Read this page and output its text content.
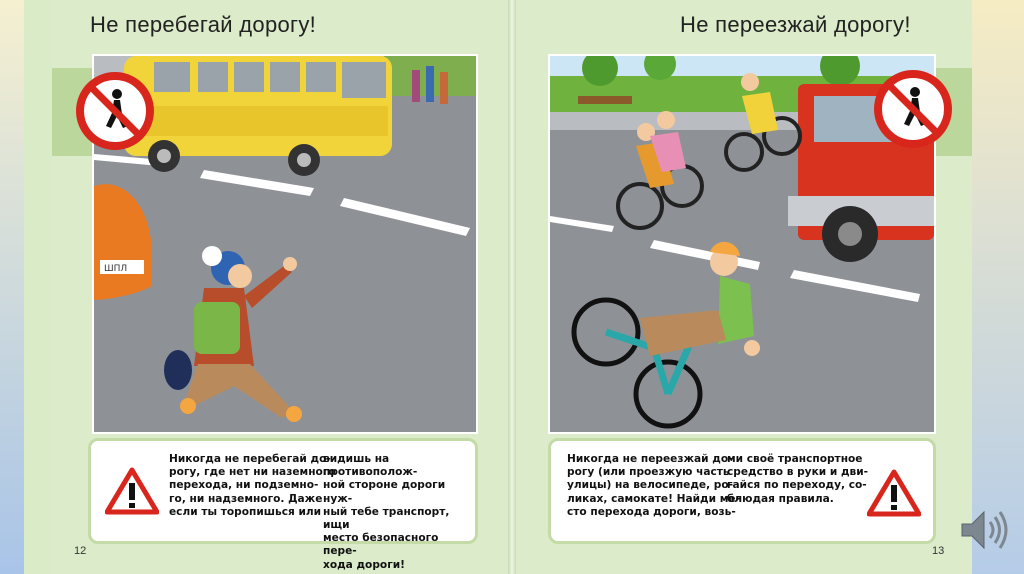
Не перебегай дорогу!
ШПЛ
Никогда не перебегай до-
рогу, где нет ни наземного
перехода, ни подземно-
го, ни надземного. Даже
если ты торопишься или
видишь на противополож-
ной стороне дороги нуж-
ный тебе транспорт, ищи
место безопасного пере-
хода дороги!
12
Не переезжай дорогу!
Никогда не переезжай до-
рогу (или проезжую часть
улицы) на велосипеде, ро-
ликах, самокате! Найди ме-
сто перехода дороги, возь-
ми своё транспортное
средство в руки и дви-
гайся по переходу, со-
блюдая правила.
13
